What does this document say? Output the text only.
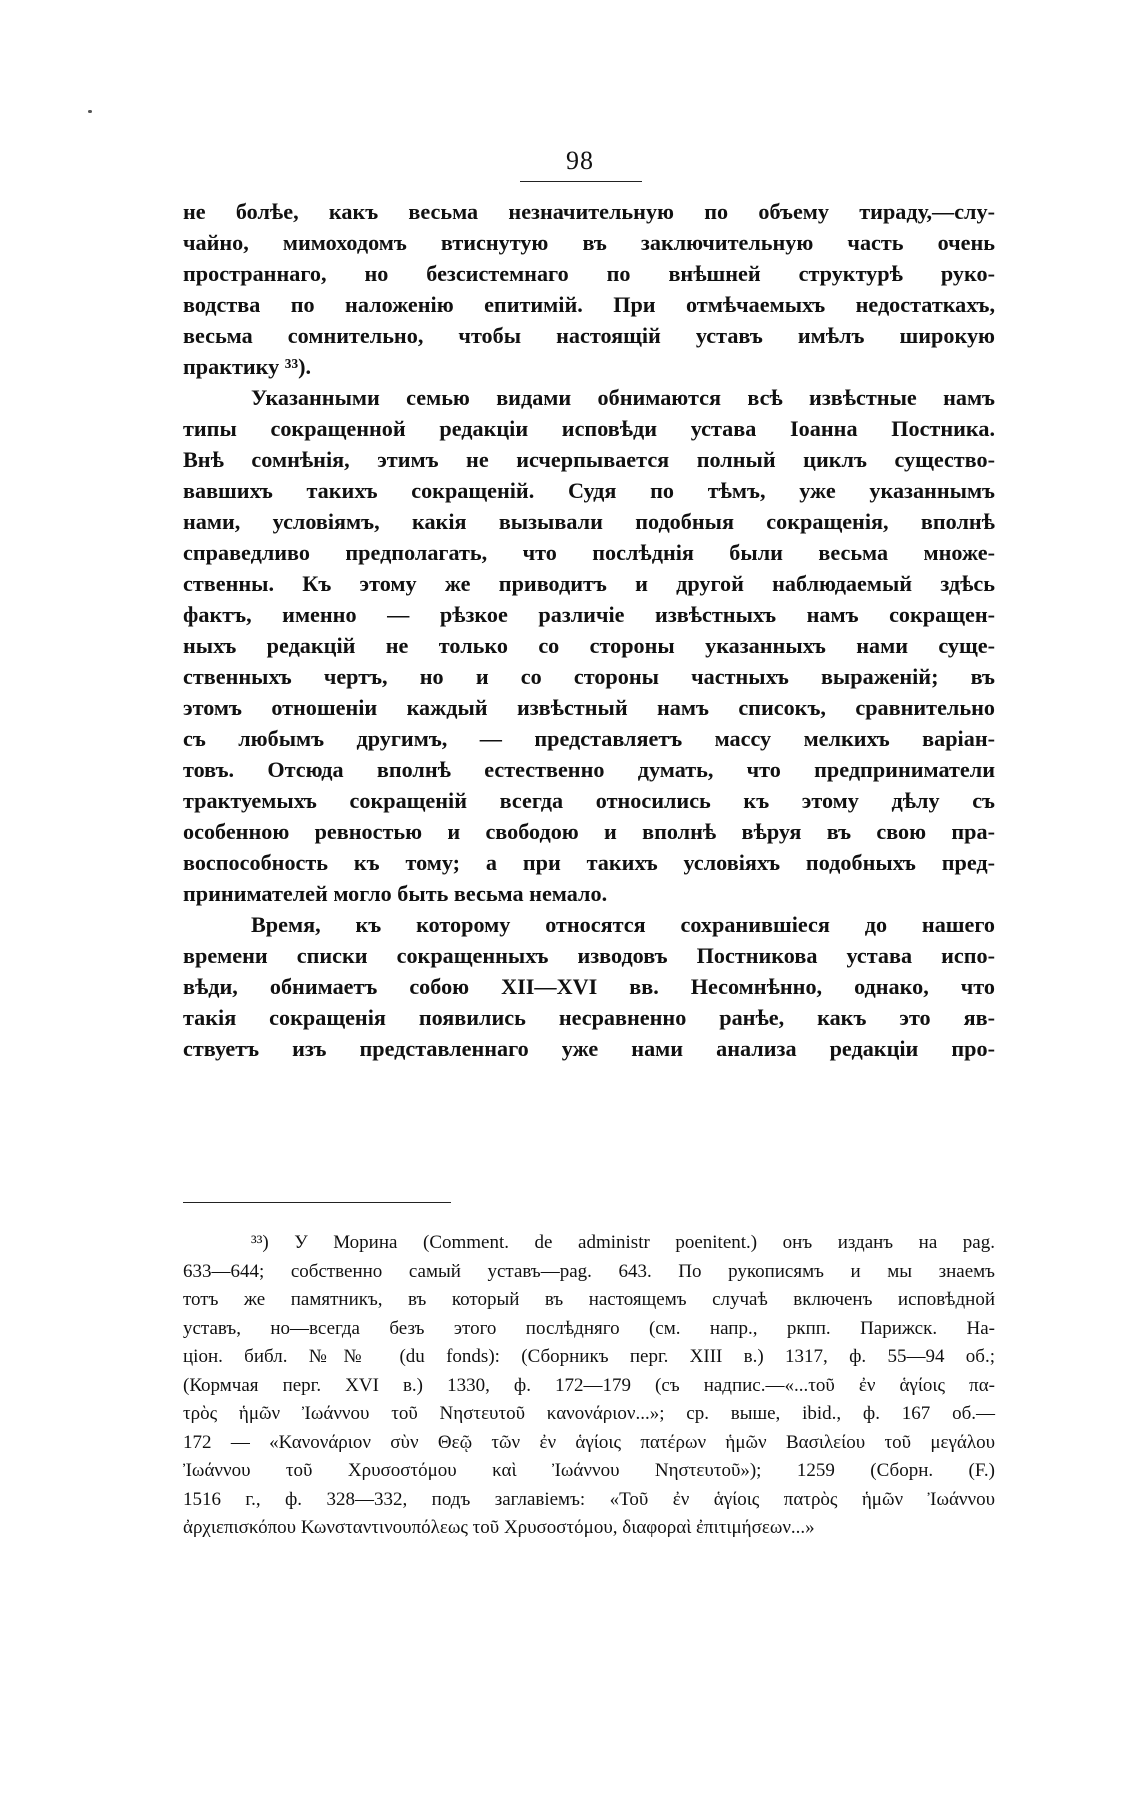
98
не болѣе, какъ весьма незначительную по объему тираду,—слу-
чайно, мимоходомъ втиснутую въ заключительную часть очень
пространнаго, но безсистемнаго по внѣшней структурѣ руко-
водства по наложенію епитимій. При отмѣчаемыхъ недостаткахъ,
весьма сомнительно, чтобы настоящій уставъ имѣлъ широкую
практику ³³).
Указанными семью видами обнимаются всѣ извѣстные намъ
типы сокращенной редакціи исповѣди устава Іоанна Постника.
Внѣ сомнѣнія, этимъ не исчерпывается полный циклъ существо-
вавшихъ такихъ сокращеній. Судя по тѣмъ, уже указаннымъ
нами, условіямъ, какія вызывали подобныя сокращенія, вполнѣ
справедливо предполагать, что послѣднія были весьма множе-
ственны. Къ этому же приводитъ и другой наблюдаемый здѣсь
фактъ, именно — рѣзкое различіе извѣстныхъ намъ сокращен-
ныхъ редакцій не только со стороны указанныхъ нами суще-
ственныхъ чертъ, но и со стороны частныхъ выраженій; въ
этомъ отношеніи каждый извѣстный намъ списокъ, сравнительно
съ любымъ другимъ, — представляетъ массу мелкихъ варіан-
товъ. Отсюда вполнѣ естественно думать, что предприниматели
трактуемыхъ сокращеній всегда относились къ этому дѣлу съ
особенною ревностью и свободою и вполнѣ вѣруя въ свою пра-
воспособность къ тому; а при такихъ условіяхъ подобныхъ пред-
принимателей могло быть весьма немало.
Время, къ которому относятся сохранившіеся до нашего
времени списки сокращенныхъ изводовъ Постникова устава испо-
вѣди, обнимаетъ собою XII—XVI вв. Несомнѣнно, однако, что
такія сокращенія появились несравненно ранѣе, какъ это яв-
ствуетъ изъ представленнаго уже нами анализа редакціи про-
³³) У Морина (Comment. de administr poenitent.) онъ изданъ на pag.
633—644; собственно самый уставъ—pag. 643. По рукописямъ и мы знаемъ
тотъ же памятникъ, въ который въ настоящемъ случаѣ включенъ исповѣдной
уставъ, но—всегда безъ этого послѣдняго (см. напр., ркпп. Парижск. На-
ціон. библ. №№ (du fonds): (Сборникъ перг. XIII в.) 1317, ф. 55—94 об.;
(Кормчая перг. XVI в.) 1330, ф. 172—179 (съ надпис.—«...τοῦ ἐν ἁγίοις πα-
τρὸς ἡμῶν Ἰωάννου τοῦ Νηστευτοῦ κανονάριον...»; ср. выше, ibid., ф. 167 об.—
172 — «Κανονάριον σὺν Θεῷ τῶν ἐν ἁγίοις πατέρων ἡμῶν Βασιλείου τοῦ μεγάλου
Ἰωάννου τοῦ Χρυσοστόμου καὶ Ἰωάννου Νηστευτοῦ»); 1259 (Сборн. (F.)
1516 г., ф. 328—332, подъ заглавіемъ: «Τοῦ ἐν ἁγίοις πατρὸς ἡμῶν Ἰωάννου
ἀρχιεπισκόπου Κωνσταντινουπόλεως τοῦ Χρυσοστόμου, διαφοραὶ ἐπιτιμήσεων...»
